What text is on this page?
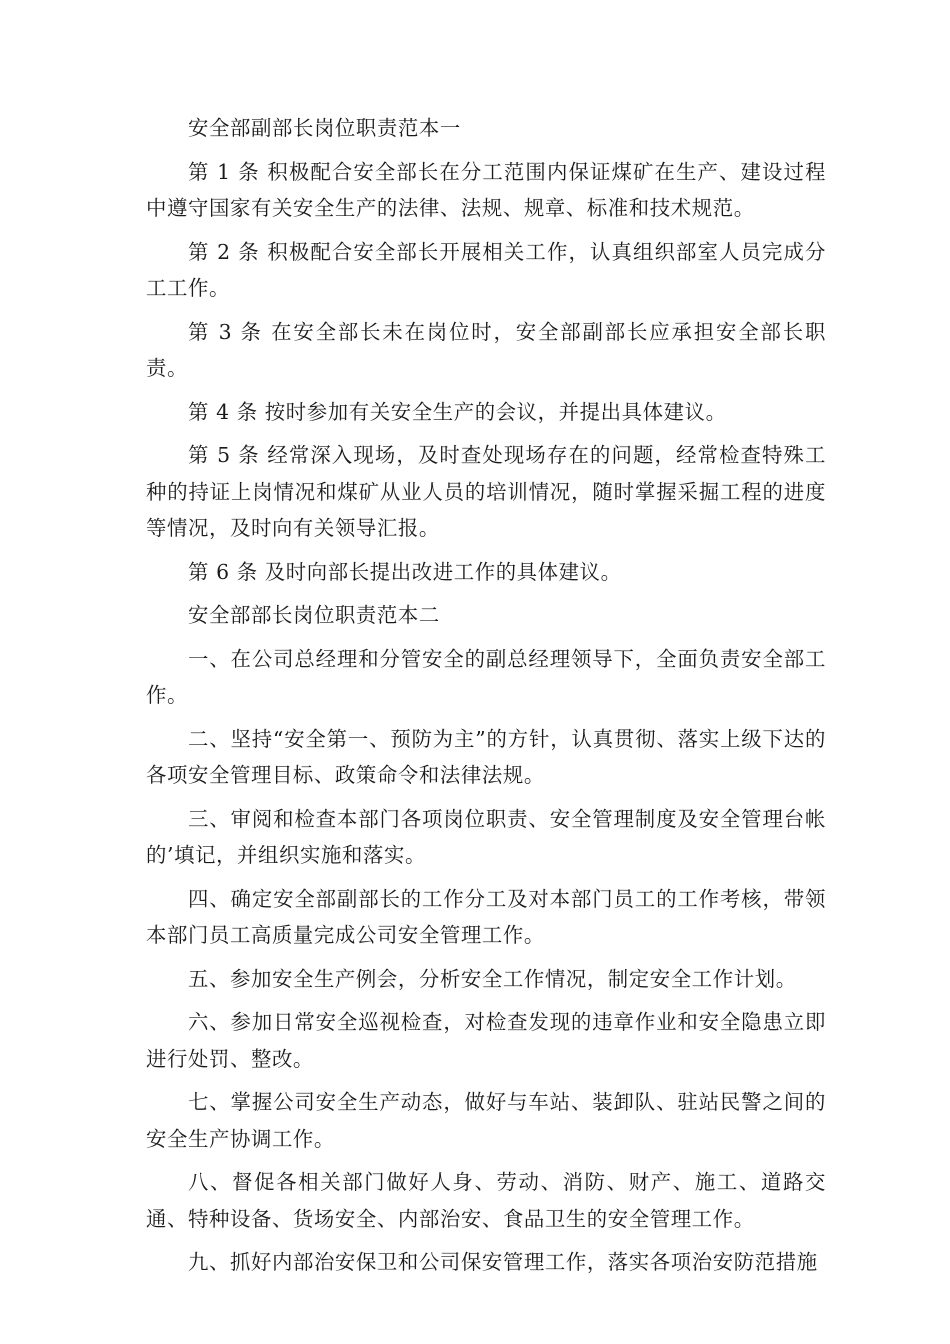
安全部副部长岗位职责范本一

第 1 条 积极配合安全部长在分工范围内保证煤矿在生产、建设过程中遵守国家有关安全生产的法律、法规、规章、标准和技术规范。

第 2 条 积极配合安全部长开展相关工作，认真组织部室人员完成分工工作。

第 3 条 在安全部长未在岗位时，安全部副部长应承担安全部长职责。

第 4 条 按时参加有关安全生产的会议，并提出具体建议。

第 5 条 经常深入现场，及时查处现场存在的问题，经常检查特殊工种的持证上岗情况和煤矿从业人员的培训情况，随时掌握采掘工程的进度等情况，及时向有关领导汇报。

第 6 条 及时向部长提出改进工作的具体建议。

安全部部长岗位职责范本二

一、在公司总经理和分管安全的副总经理领导下，全面负责安全部工作。

二、坚持“安全第一、预防为主”的方针，认真贯彻、落实上级下达的各项安全管理目标、政策命令和法律法规。

三、审阅和检查本部门各项岗位职责、安全管理制度及安全管理台帐的’填记，并组织实施和落实。

四、确定安全部副部长的工作分工及对本部门员工的工作考核，带领本部门员工高质量完成公司安全管理工作。

五、参加安全生产例会，分析安全工作情况，制定安全工作计划。

六、参加日常安全巡视检查，对检查发现的违章作业和安全隐患立即进行处罚、整改。

七、掌握公司安全生产动态，做好与车站、装卸队、驻站民警之间的安全生产协调工作。

八、督促各相关部门做好人身、劳动、消防、财产、施工、道路交通、特种设备、货场安全、内部治安、食品卫生的安全管理工作。

九、抓好内部治安保卫和公司保安管理工作，落实各项治安防范措施
